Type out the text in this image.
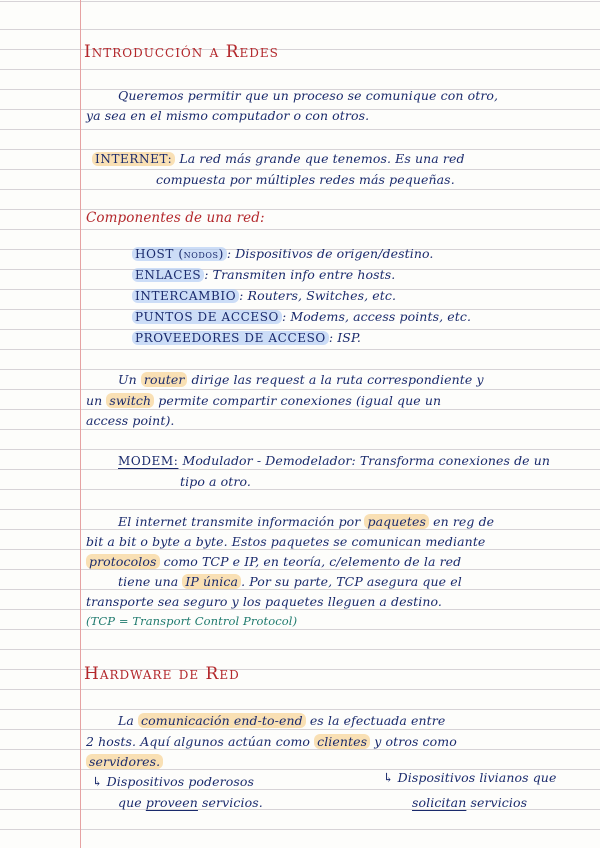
Introducción a Redes
Queremos permitir que un proceso se comunique con otro,
ya sea en el mismo computador o con otros.
INTERNET: La red más grande que tenemos. Es una red
compuesta por múltiples redes más pequeñas.
Componentes de una red:
HOST (nodos) : Dispositivos de origen/destino.
ENLACES : Transmiten info entre hosts.
INTERCAMBIO : Routers, Switches, etc.
PUNTOS DE ACCESO : Modems, access points, etc.
PROVEEDORES DE ACCESO : ISP.
Un router dirige las request a la ruta correspondiente y
un switch permite compartir conexiones (igual que un
access point).
MODEM: Modulador - Demodelador: Transforma conexiones de un
tipo a otro.
El internet transmite información por paquetes en reg de
bit a bit o byte a byte. Estos paquetes se comunican mediante
protocolos como TCP e IP, en teoría, c/elemento de la red
tiene una IP única . Por su parte, TCP asegura que el
transporte sea seguro y los paquetes lleguen a destino.
(TCP = Transport Control Protocol)
Hardware de Red
La comunicación end-to-end es la efectuada entre
2 hosts. Aquí algunos actúan como clientes y otros como
servidores.
↳ Dispositivos poderosos
que proveen servicios.
↳ Dispositivos livianos que
solicitan servicios
